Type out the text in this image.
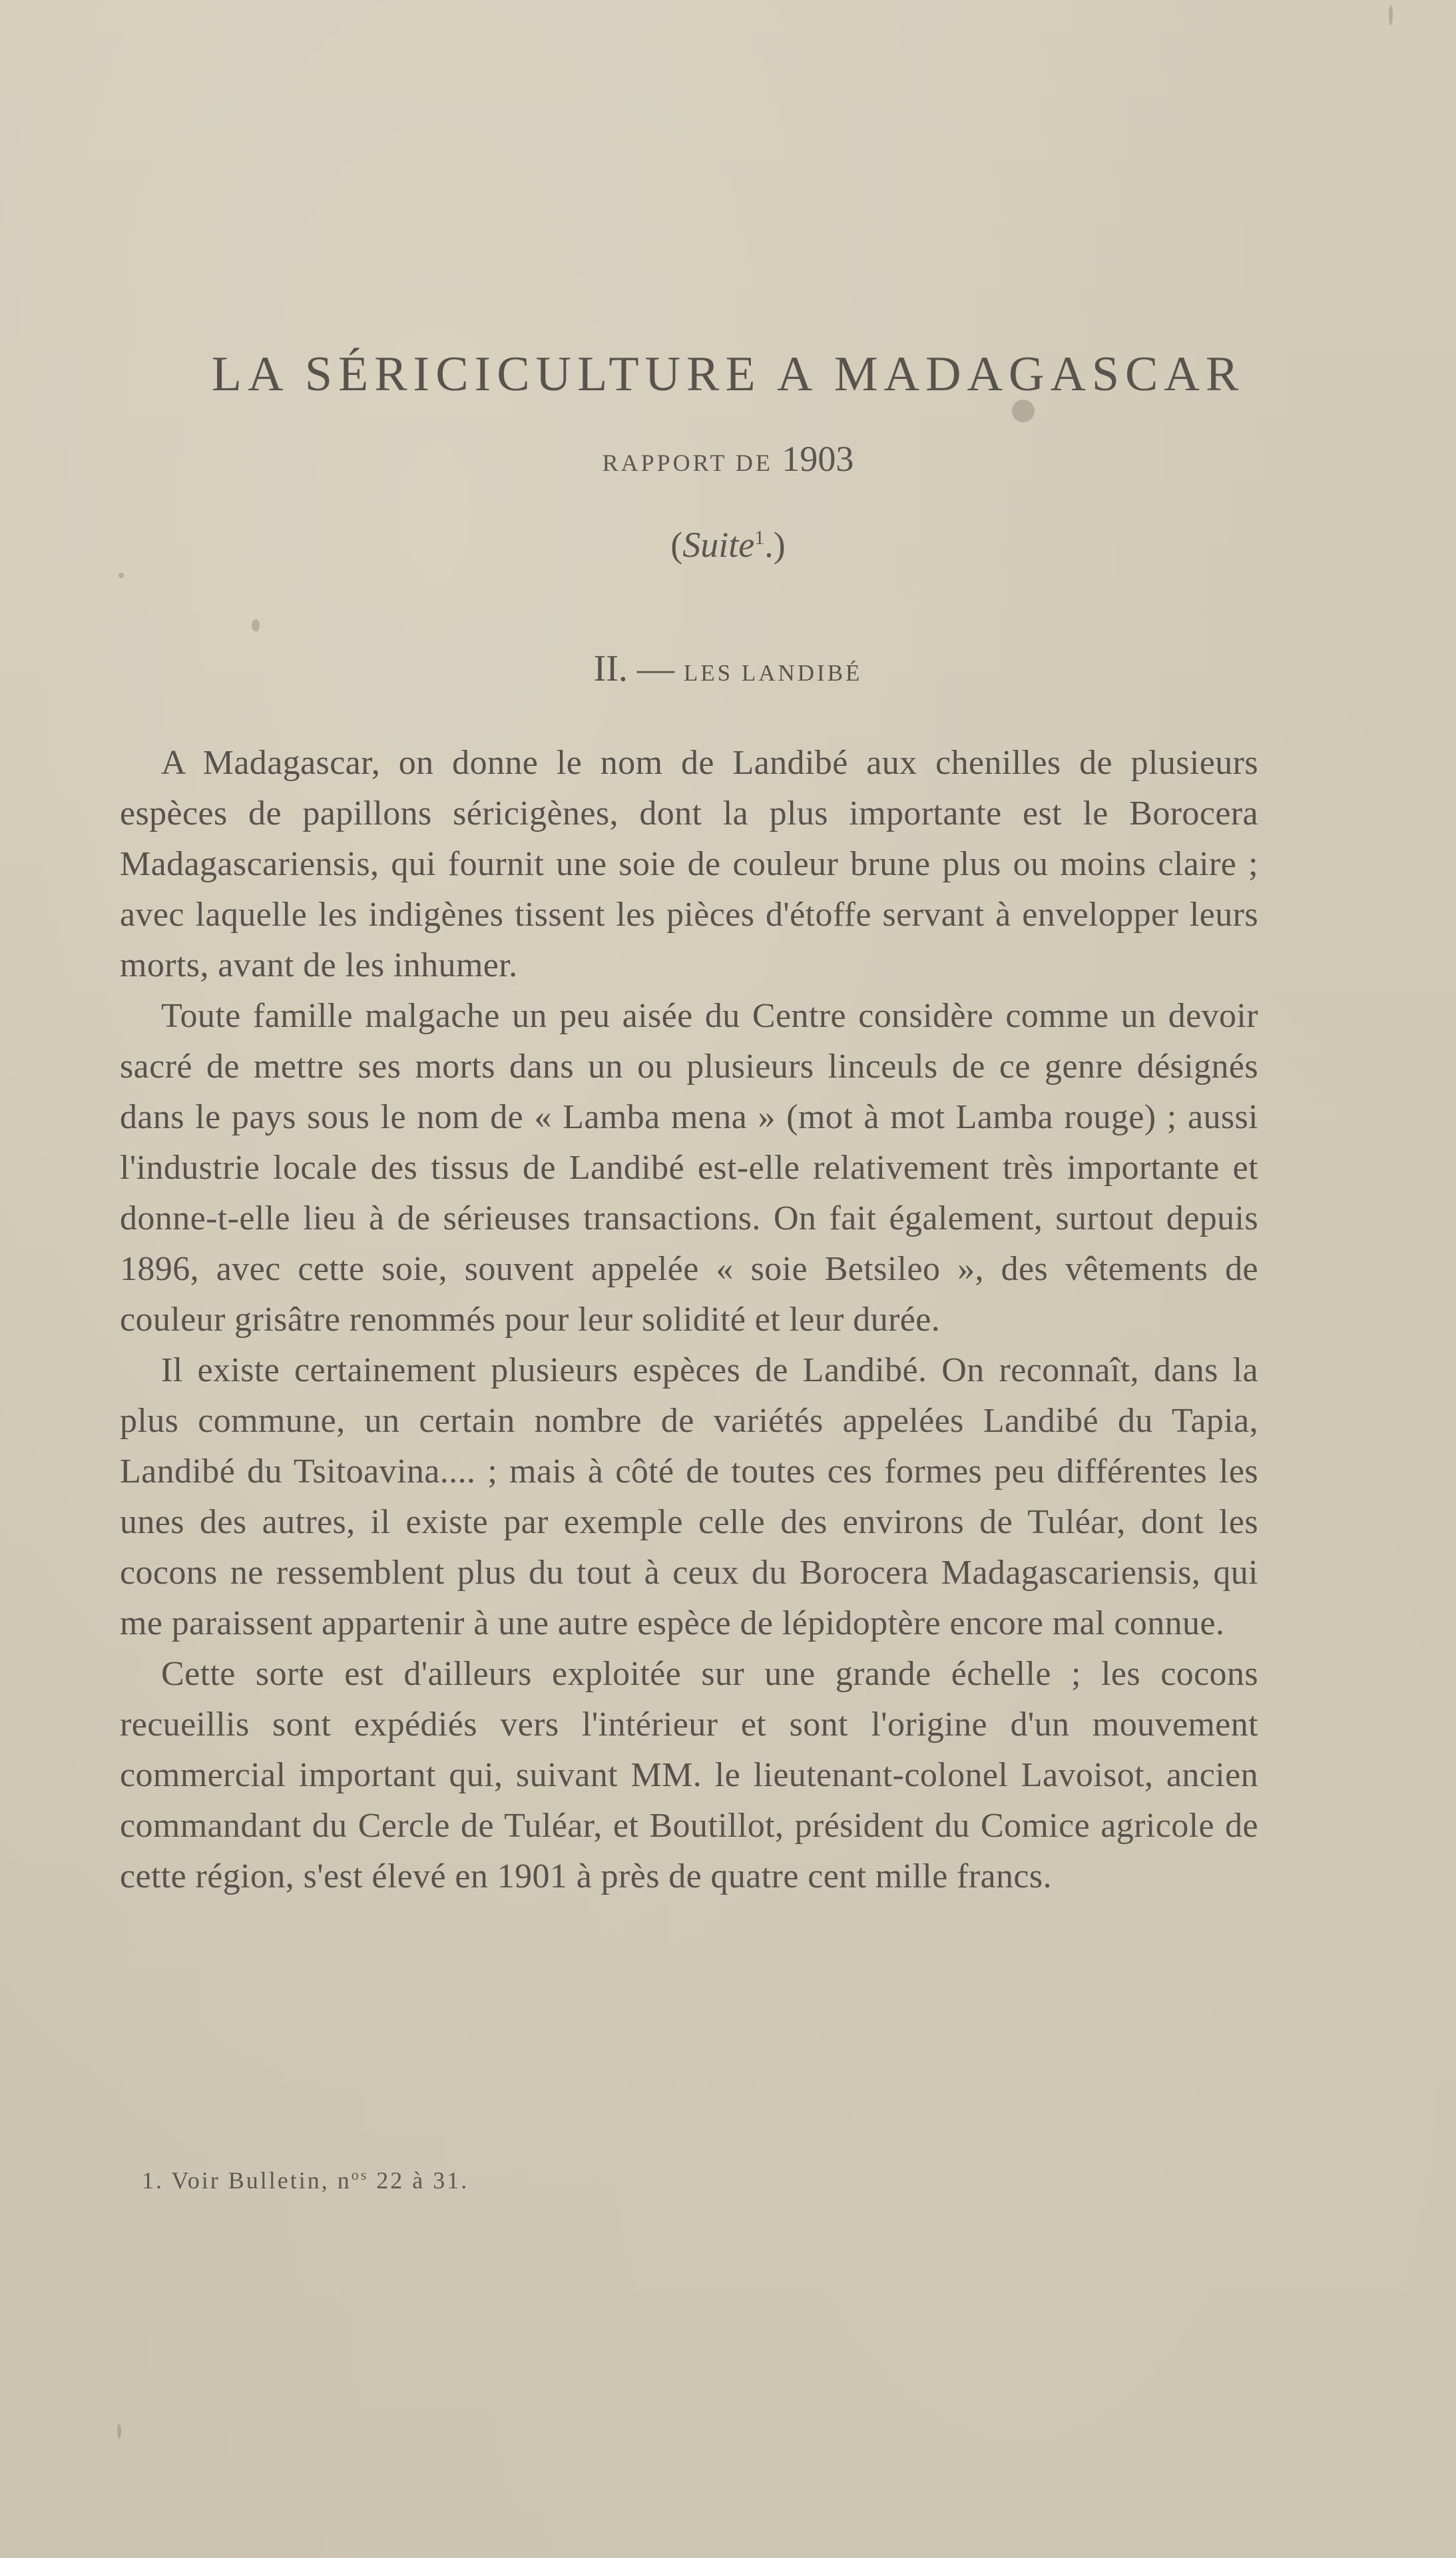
LA SÉRICICULTURE A MADAGASCAR
RAPPORT DE 1903
(Suite$^1$.)
II. — LES LANDIBÉ

A Madagascar, on donne le nom de Landibé aux chenilles de plusieurs espèces de papillons séricigènes, dont la plus importante est le Borocera Madagascariensis, qui fournit une soie de couleur brune plus ou moins claire ; avec laquelle les indigènes tissent les pièces d'étoffe servant à envelopper leurs morts, avant de les inhumer.

Toute famille malgache un peu aisée du Centre considère comme un devoir sacré de mettre ses morts dans un ou plusieurs linceuls de ce genre désignés dans le pays sous le nom de « Lamba mena » (mot à mot Lamba rouge) ; aussi l'industrie locale des tissus de Landibé est-elle relativement très importante et donne-t-elle lieu à de sérieuses transactions. On fait également, surtout depuis 1896, avec cette soie, souvent appelée « soie Betsileo », des vêtements de couleur grisâtre renommés pour leur solidité et leur durée.

Il existe certainement plusieurs espèces de Landibé. On reconnaît, dans la plus commune, un certain nombre de variétés appelées Landibé du Tapia, Landibé du Tsitoavina.... ; mais à côté de toutes ces formes peu différentes les unes des autres, il existe par exemple celle des environs de Tuléar, dont les cocons ne ressemblent plus du tout à ceux du Borocera Madagascariensis, qui me paraissent appartenir à une autre espèce de lépidoptère encore mal connue.

Cette sorte est d'ailleurs exploitée sur une grande échelle ; les cocons recueillis sont expédiés vers l'intérieur et sont l'origine d'un mouvement commercial important qui, suivant MM. le lieutenant-colonel Lavoisot, ancien commandant du Cercle de Tuléar, et Boutillot, président du Comice agricole de cette région, s'est élevé en 1901 à près de quatre cent mille francs.

1. Voir Bulletin, $n^{os}$ 22 à 31.
